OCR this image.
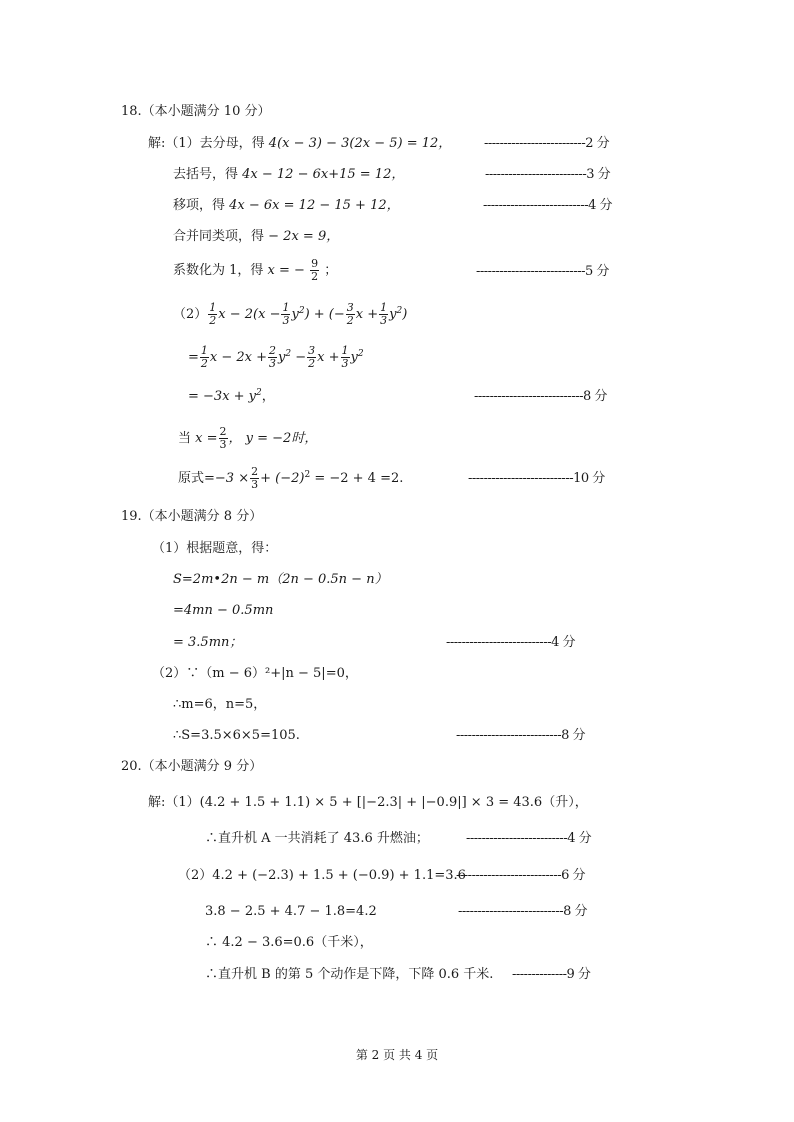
18.（本小题满分 10 分）
解:（1）去分母，得 4(x − 3) − 3(2x − 5) = 12，	--------------------------2 分
去括号，得 4x − 12 − 6x+15 = 12，	--------------------------3 分
移项，得 4x − 6x = 12 − 15 + 12，	---------------------------4 分
合并同类项，得 − 2x = 9，
系数化为 1，得 x = − $\frac{9}{2}$ ；	----------------------------5 分
$(2) \frac{1}{2}$ $x - 2(x - \frac{1}{3} y^2)$ + (− $\frac{3}{2}$ $x + \frac{1}{3} y^2$)
= $\frac{1}{2}$ $x - 2x + \frac{2}{3} y^2 - \frac{3}{2}$ $x + \frac{1}{3} y^2$
= $-3x + y^2$，	----------------------------8 分
当 $x = \frac{2}{3}$ ， y = −2时，
原式$=-3 \times \frac{2}{3} + (-2)^2 = -2 + 4 =2$.	---------------------------10 分
19.（本小题满分 8 分）
（1）根据题意，得：
S=2m•2n − m（2n − 0.5n − n）
=4mn − 0.5mn
= 3.5mn；	---------------------------4 分
（2）∵（m − 6）²+|n − 5|=0，
∴m=6，n=5，
∴S=3.5×6×5=105.	---------------------------8 分
20.（本小题满分 9 分）
解:（1）(4.2 + 1.5 + 1.1) × 5 + [|−2.3| + |−0.9|] × 3 = 43.6（升），
∴直升机 A 一共消耗了 43.6 升燃油；	--------------------------4 分
（2）4.2 + (−2.3) + 1.5 + (−0.9) + 1.1=3.6
---------------------------6 分
3.8 − 2.5 + 4.7 − 1.8=4.2	---------------------------8 分
∴ 4.2 − 3.6=0.6（千米），
∴直升机 B 的第 5 个动作是下降，下降 0.6 千米. --------------9 分
第 2 页 共 4 页
